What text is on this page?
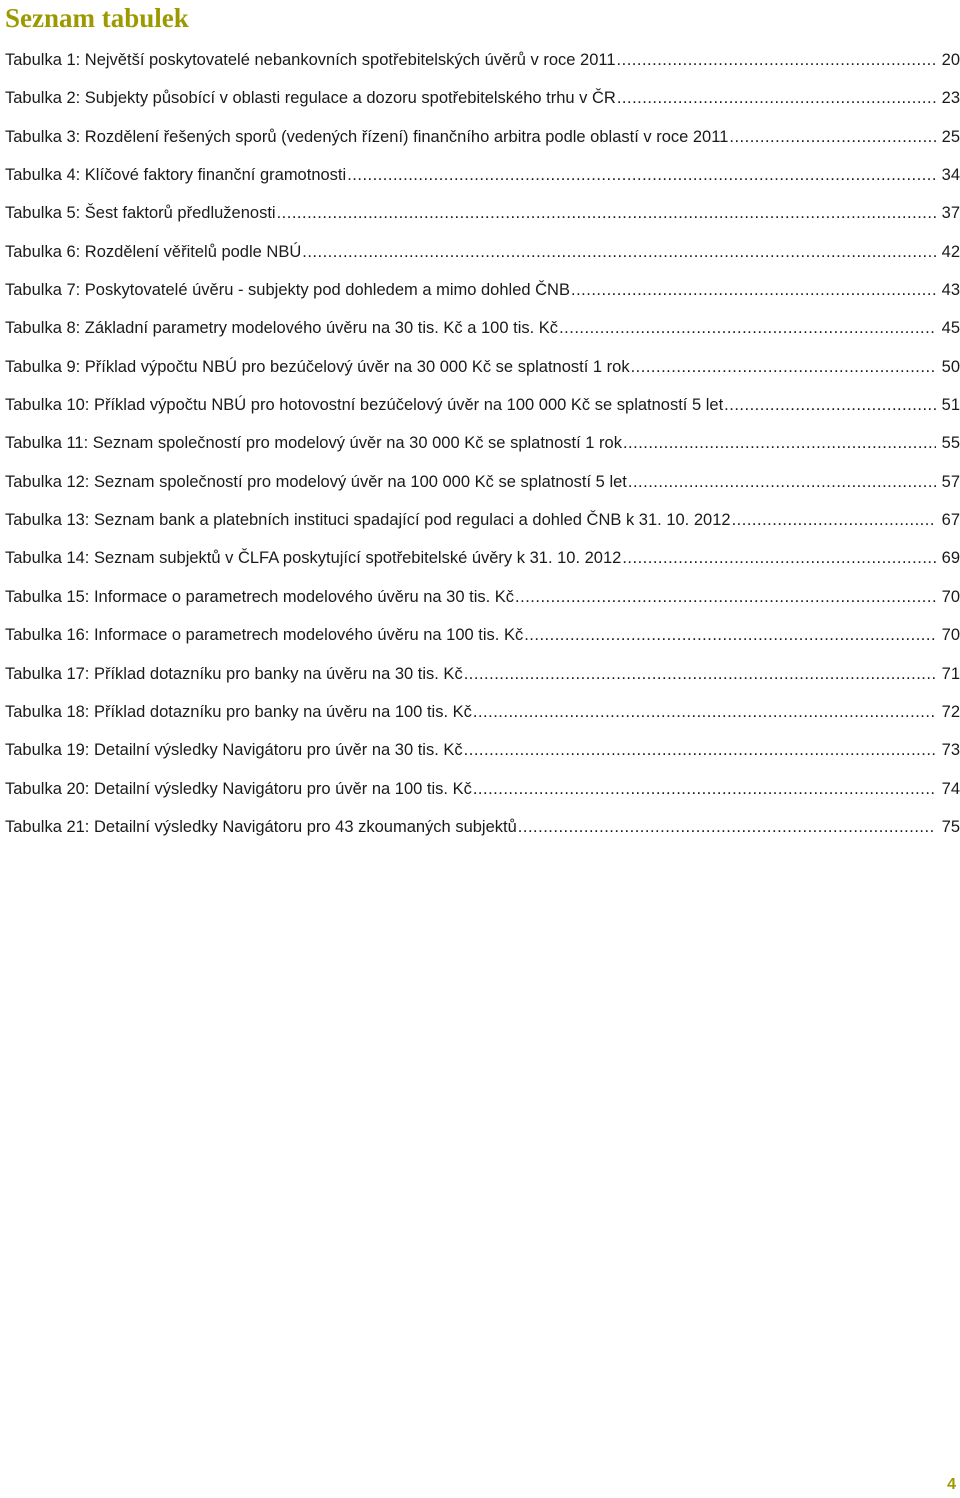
Seznam tabulek
Tabulka 1: Největší poskytovatelé nebankovních spotřebitelských úvěrů v roce 2011 .....	20
Tabulka 2: Subjekty působící v oblasti regulace a dozoru spotřebitelského trhu v ČR .....	23
Tabulka 3: Rozdělení řešených sporů (vedených řízení) finančního arbitra podle oblastí v roce 2011 .....	25
Tabulka 4: Klíčové faktory finanční gramotnosti .....	34
Tabulka 5: Šest faktorů předluženosti .....	37
Tabulka 6: Rozdělení věřitelů podle NBÚ .....	42
Tabulka 7: Poskytovatelé úvěru - subjekty pod dohledem a mimo dohled ČNB .....	43
Tabulka 8: Základní parametry modelového úvěru na 30 tis. Kč a 100 tis. Kč .....	45
Tabulka 9: Příklad výpočtu NBÚ pro bezúčelový úvěr na 30 000 Kč se splatností 1 rok .....	50
Tabulka 10: Příklad výpočtu NBÚ pro hotovostní bezúčelový úvěr na 100 000 Kč se splatností 5 let .....	51
Tabulka 11: Seznam společností pro modelový úvěr na 30 000 Kč se splatností 1 rok .....	55
Tabulka 12: Seznam společností pro modelový úvěr na 100 000 Kč se splatností 5 let .....	57
Tabulka 13: Seznam bank a platebních instituci spadající pod regulaci a dohled ČNB k 31. 10. 2012 .....	67
Tabulka 14: Seznam subjektů v ČLFA poskytující spotřebitelské úvěry k 31. 10. 2012 .....	69
Tabulka 15: Informace o parametrech modelového úvěru na 30 tis. Kč .....	70
Tabulka 16: Informace o parametrech modelového úvěru na 100 tis. Kč .....	70
Tabulka 17: Příklad dotazníku pro banky na úvěru na 30 tis. Kč .....	71
Tabulka 18: Příklad dotazníku pro banky na úvěru na 100 tis. Kč .....	72
Tabulka 19: Detailní výsledky Navigátoru pro úvěr na 30 tis. Kč .....	73
Tabulka 20: Detailní výsledky Navigátoru pro úvěr na 100 tis. Kč .....	74
Tabulka 21: Detailní výsledky Navigátoru pro 43 zkoumaných subjektů .....	75
4
